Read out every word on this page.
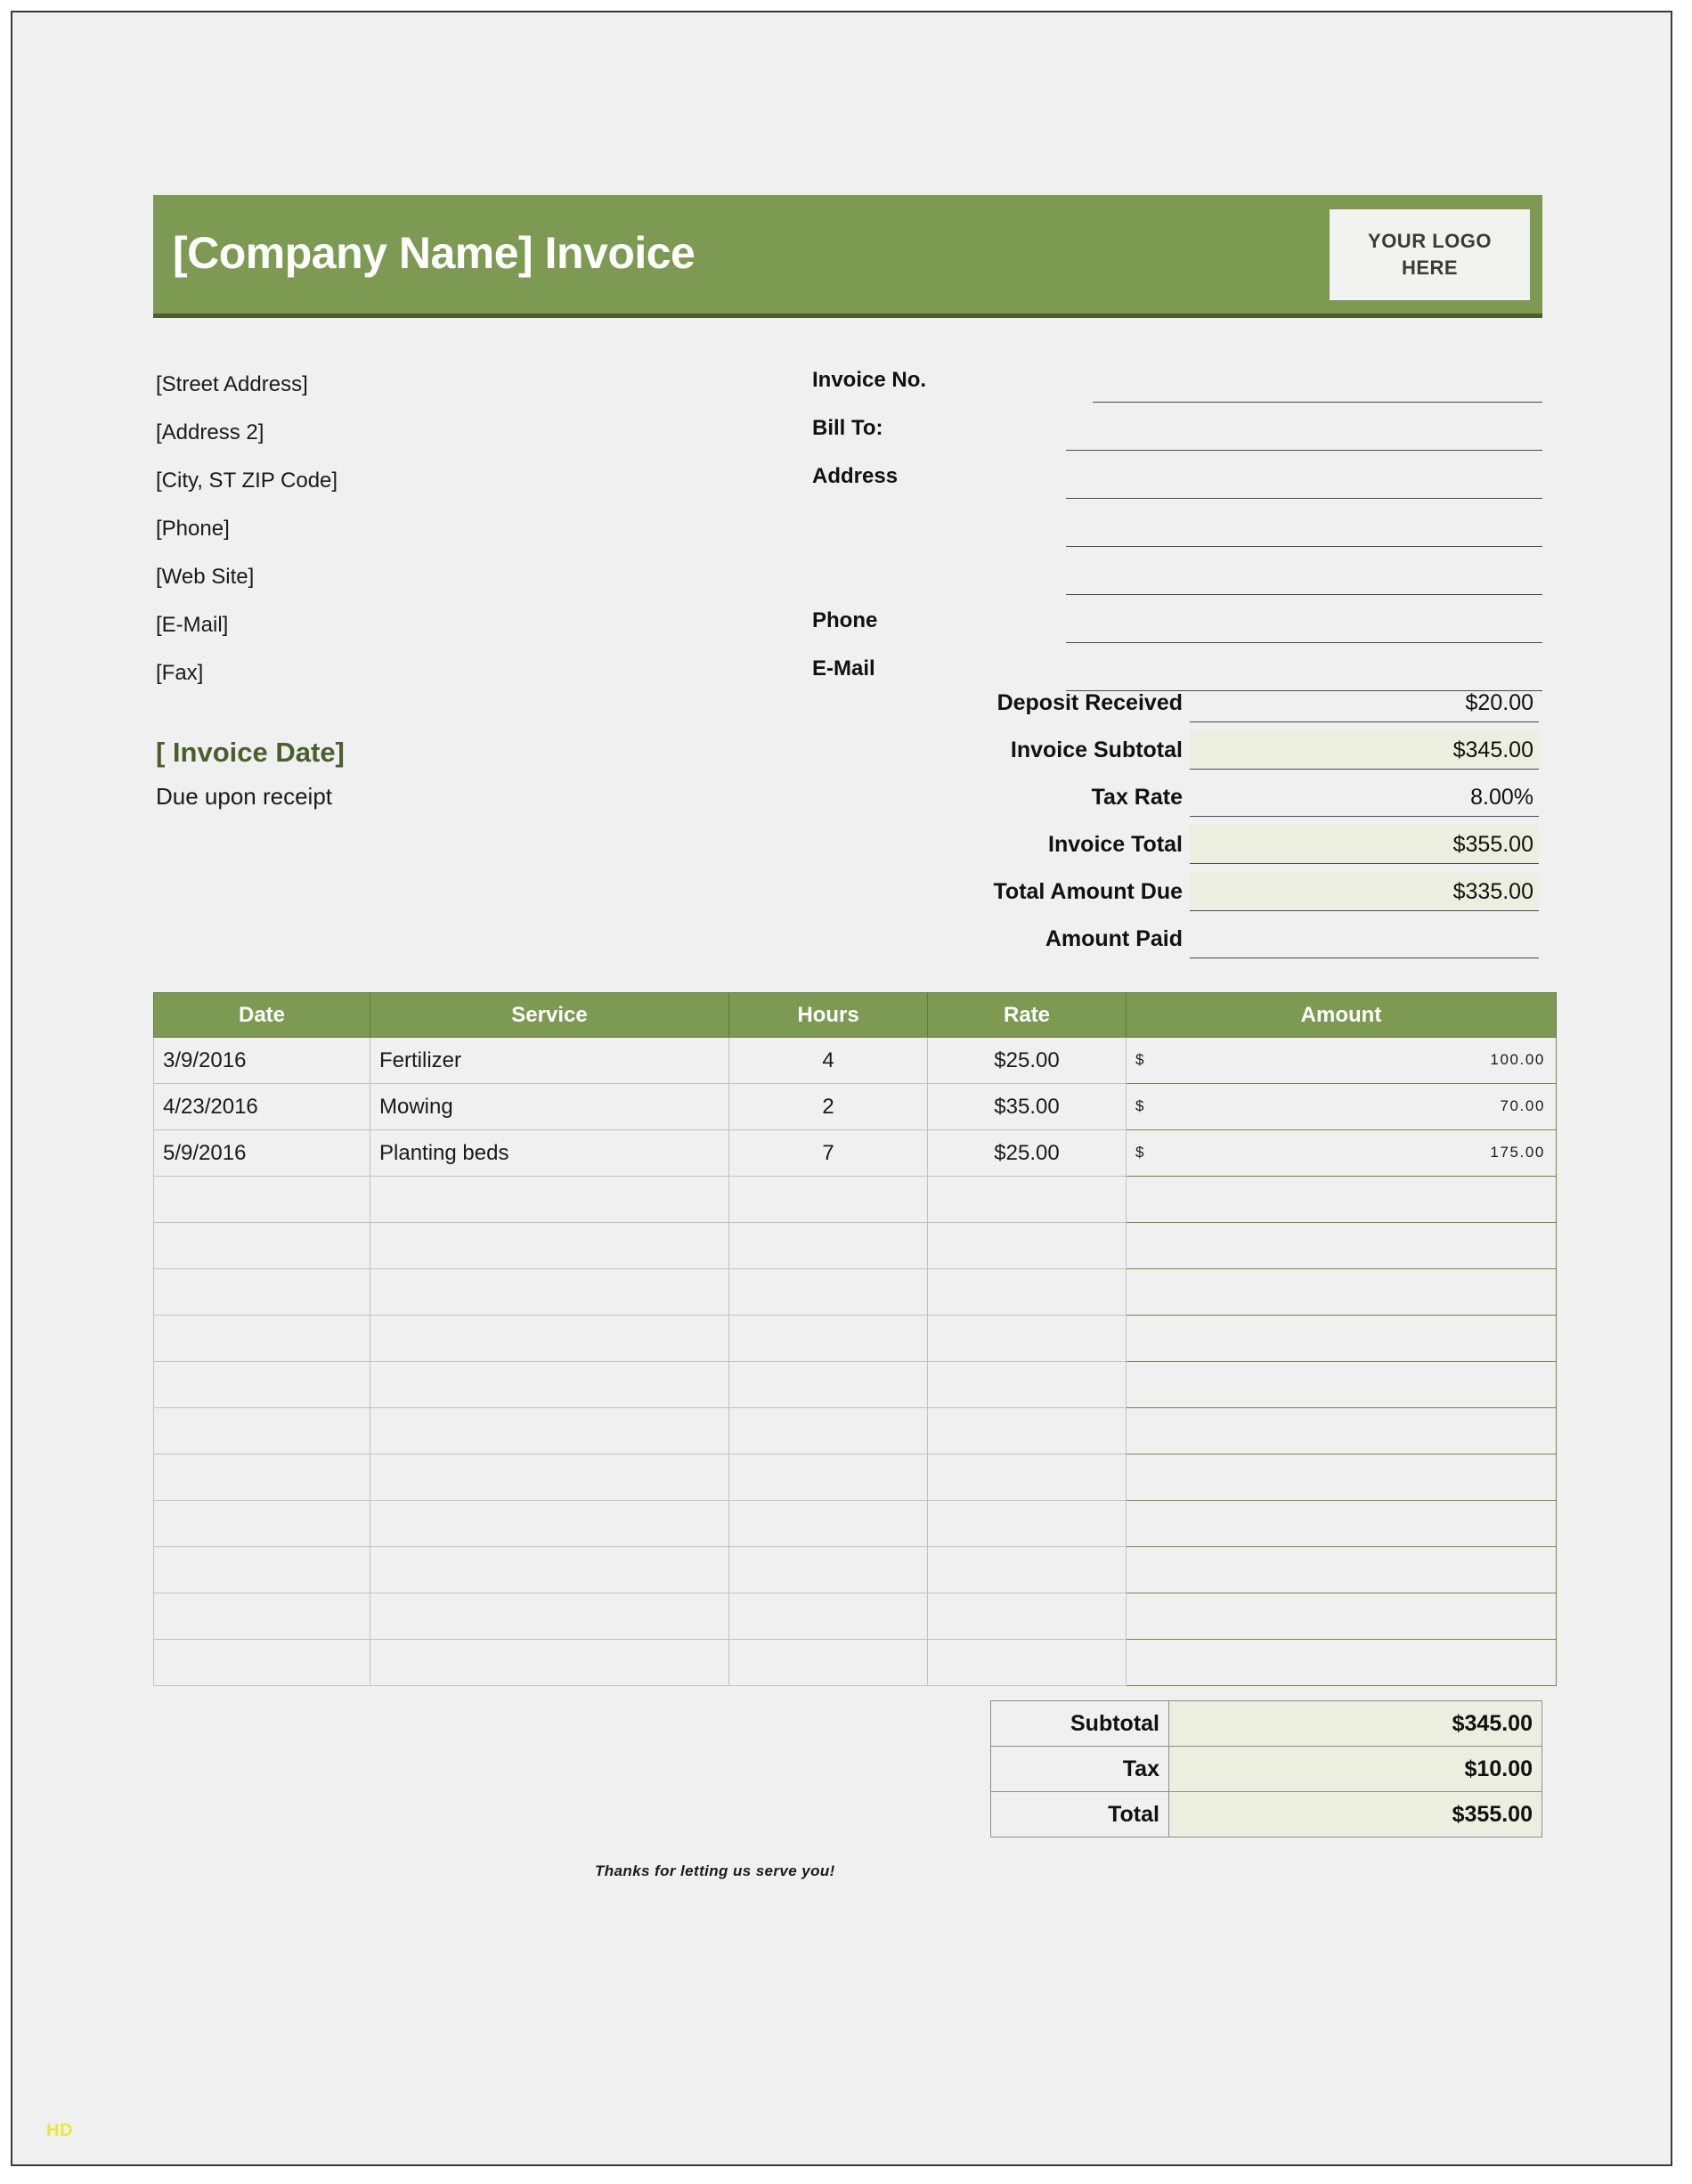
[Company Name] Invoice	YOUR LOGO
HERE
[Street Address]
[Address 2]
[City, ST ZIP Code]
[Phone]
[Web Site]
[E-Mail]
[Fax]
Invoice No.
Bill To:
Address
Phone
E-Mail
[ Invoice Date]
Due upon receipt
Deposit Received	$20.00
Invoice Subtotal	$345.00
Tax Rate	8.00%
Invoice Total	$355.00
Total Amount Due	$335.00
Amount Paid
Date	Service	Hours	Rate	Amount
3/9/2016	Fertilizer	4	$25.00	$ 100.00

4/23/2016	Mowing	2	$35.00	$ 70.00

5/9/2016	Planting beds	7	$25.00	$ 175.00

Subtotal	$345.00
Tax	$10.00
Total	$355.00
Thanks for letting us serve you!
HD
